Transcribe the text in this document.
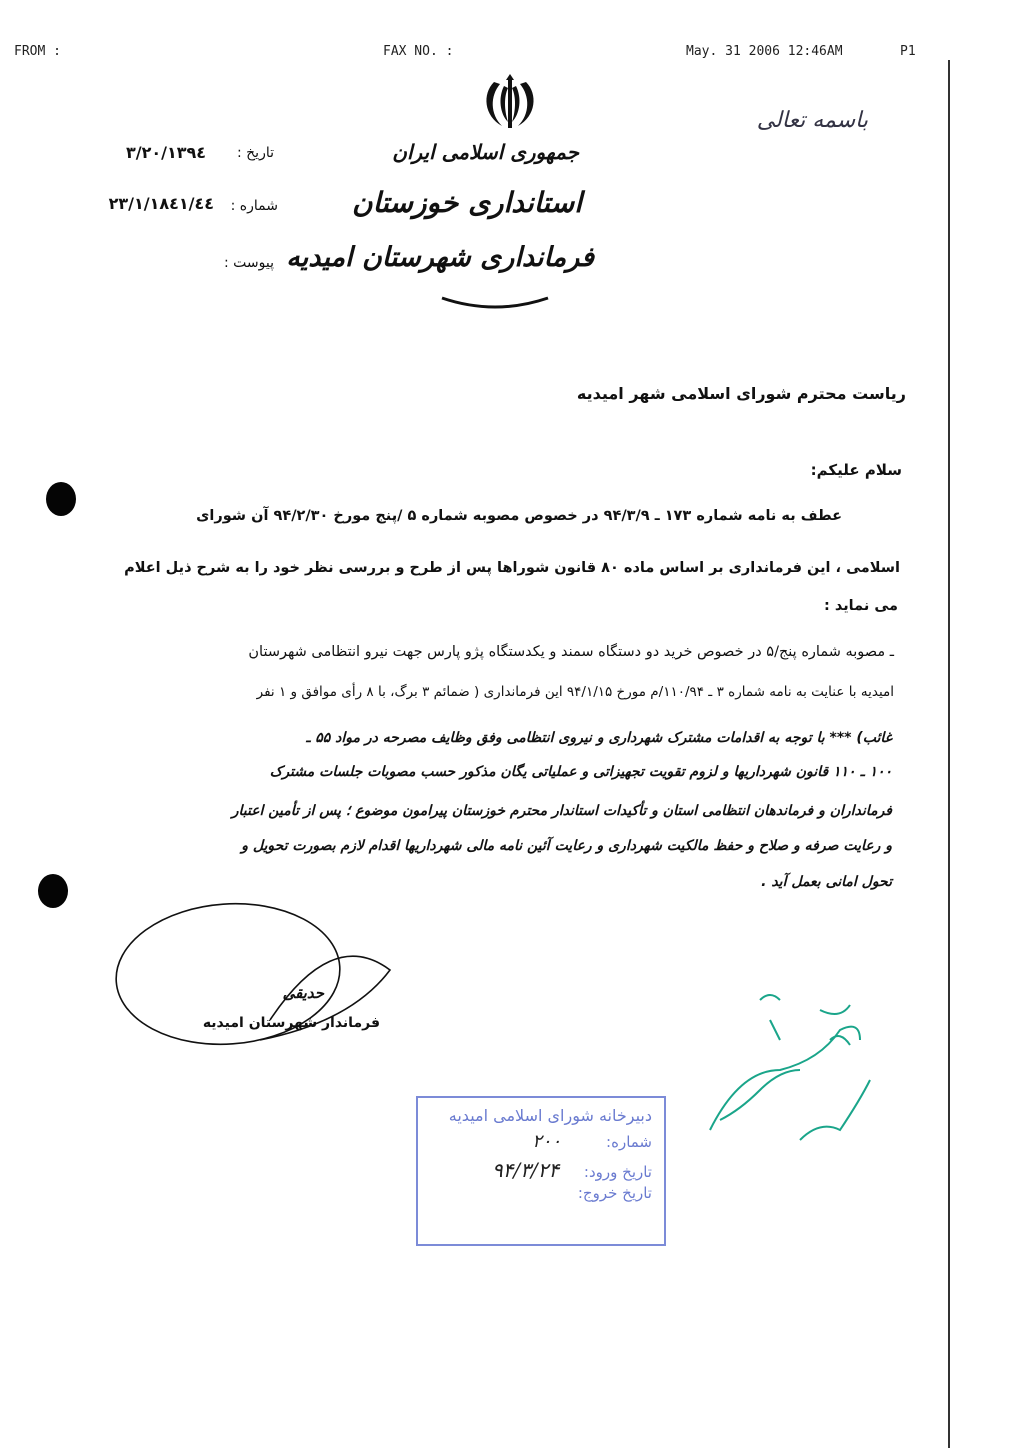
FROM :	FAX NO. :	May. 31 2006 12:46AM	P1
باسمه تعالی
جمهوری اسلامی ایران
استانداری خوزستان
فرمانداری شهرستان امیدیه
تاریخ :
۱۳۹٤/۳/۲۰
شماره :
٤٤/۲۳/۱/۱۸٤۱
پیوست :
ریاست محترم شورای اسلامی شهر امیدیه
سلام علیکم:
عطف به نامه شماره ۱۷۳ ـ ۹۴/۳/۹ در خصوص مصوبه شماره ۵ /پنج مورخ ۹۴/۲/۳۰ آن شورای
اسلامی ، این فرمانداری بر اساس ماده ۸۰ قانون شوراها پس از طرح و بررسی نظر خود را به شرح ذیل اعلام
می نماید :
ـ مصوبه شماره پنج/۵ در خصوص خرید دو دستگاه سمند و یکدستگاه پژو پارس جهت نیرو انتظامی شهرستان
امیدیه با عنایت به نامه شماره ۳ ـ ۱۱۰/۹۴/م مورخ ۹۴/۱/۱۵ این فرمانداری ( ضمائم ۳ برگ، با ۸ رأی موافق و ۱ نفر
غائب) *** با توجه به اقدامات مشترک شهرداری و نیروی انتظامی وفق وظایف مصرحه در مواد ۵۵ ـ
۱۰۰ ـ ۱۱۰ قانون شهرداریها و لزوم تقویت تجهیزاتی و عملیاتی یگان مذکور حسب مصوبات جلسات مشترک
فرمانداران و فرماندهان انتظامی استان و تأکیدات استاندار محترم خوزستان پیرامون موضوع ؛ پس از تأمین اعتبار
و رعایت صرفه و صلاح و حفظ مالکیت شهرداری و رعایت آئین نامه مالی شهرداریها اقدام لازم بصورت تحویل و
تحول امانی بعمل آید .
حدیقی
فرماندار شهرستان امیدیه
دبیرخانه شورای اسلامی امیدیه
شماره: ۲۰۰
تاریخ ورود: ۹۴/۳/۲۴
تاریخ خروج:
